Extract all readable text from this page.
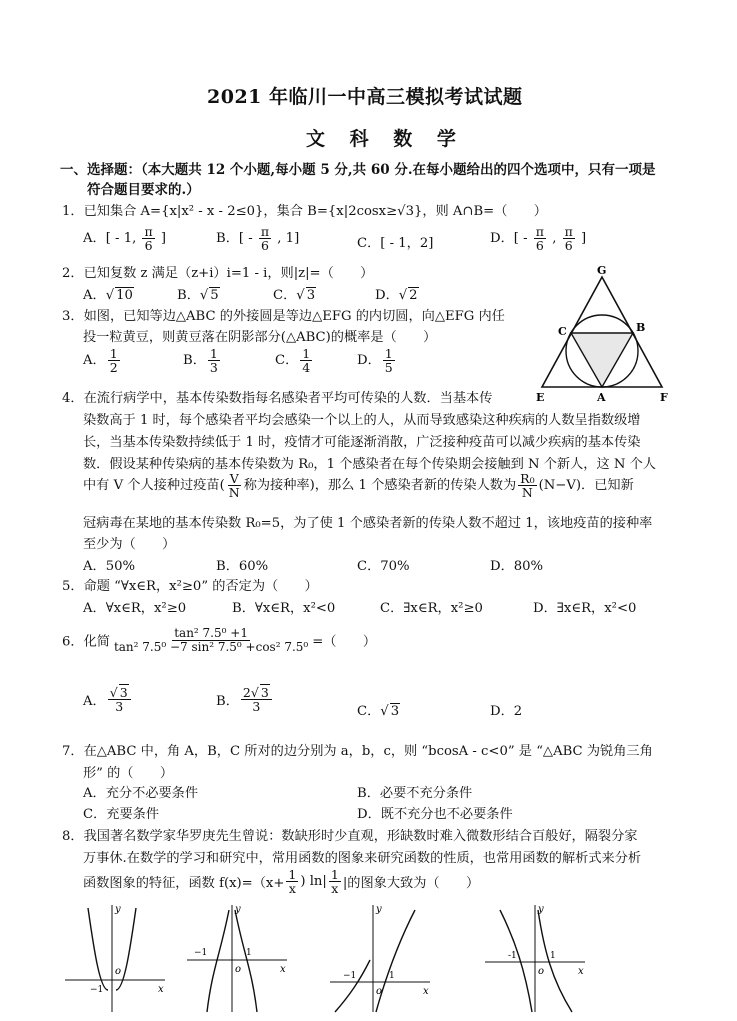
2021 年临川一中高三模拟考试试题
文 科 数 学
一、选择题：（本大题共 12 个小题,每小题 5 分,共 60 分.在每小题给出的四个选项中，只有一项是
符合题目要求的.）
1．已知集合 A={x|x² - x - 2≤0}，集合 B={x|2cosx≥√3}，则 A∩B=（　　）
A．[ - 1, $\frac{\pi}{6}$ ]	B．[ - $\frac{\pi}{6}$ , 1]	C．[ - 1，2]	D．[ - $\frac{\pi}{6}$ , $\frac{\pi}{6}$ ]
2．已知复数 z 满足（z+i）i=1 - i，则|z|=（　　）
A．√ 10	B．√ 5	C．√ 3	D．√ 2
3．如图，已知等边△ABC 的外接圆是等边△EFG 的内切圆，向△EFG 内任
投一粒黄豆，则黄豆落在阴影部分(△ABC)的概率是（　　）
A． $\frac{1}{2}$	B． $\frac{1}{3}$	C． $\frac{1}{4}$	D． $\frac{1}{5}$
G
C	B
E	A	F
4．在流行病学中，基本传染数指每名感染者平均可传染的人数．当基本传
染数高于 1 时，每个感染者平均会感染一个以上的人，从而导致感染这种疾病的人数呈指数级增
长，当基本传染数持续低于 1 时，疫情才可能逐渐消散，广泛接种疫苗可以减少疾病的基本传染
数．假设某种传染病的基本传染数为 R₀，1 个感染者在每个传染期会接触到 N 个新人，这 N 个人
中有 V 个人接种过疫苗( $\frac{V}{N}$ 称为接种率)，那么 1 个感染者新的传染人数为 $\frac{\text{R₀}}{N} (N-V)$．已知新
冠病毒在某地的基本传染数 R₀=5，为了使 1 个感染者新的传染人数不超过 1，该地疫苗的接种率
至少为（　　）
A．50%	B．60%	C．70%	D．80%
5．命题 “∀x∈R，x²≥0” 的否定为（　　）
A．∀x∈R，x²≥0	B．∀x∈R，x²<0	C．∃x∈R，x²≥0	D．∃x∈R，x²<0
6．化简 $\frac{\text{tan² 7.5⁰ +1}}{\text{tan² 7.5⁰ −7 sin² 7.5⁰ +cos² 7.5⁰}}$ =（　　）
A． $\frac{√ 3}{3}$	B． $\frac{2√ 3}{3}$	C．√ 3	D．2
7．在△ABC 中，角 A，B，C 所对的边分别为 a，b，c，则 “bcosA - c<0” 是 “△ABC 为锐角三角
形” 的（　　）
A．充分不必要条件	B．必要不充分条件
C．充要条件	D．既不充分也不必要条件
8．我国著名数学家华罗庚先生曾说：数缺形时少直观，形缺数时难入微数形结合百般好，隔裂分家
万事休.在数学的学习和研究中，常用函数的图象来研究函数的性质，也常用函数的解析式来分析
函数图象的特征，函数 $f(x)=(x+ \frac{1}{x}$ ) $\ln| \frac{1}{x}$ |的图象大致为（　　）
y
x
o
−1
y
x
o
−1	1
y
x
o
−1	1
y
x
o
-1	1
